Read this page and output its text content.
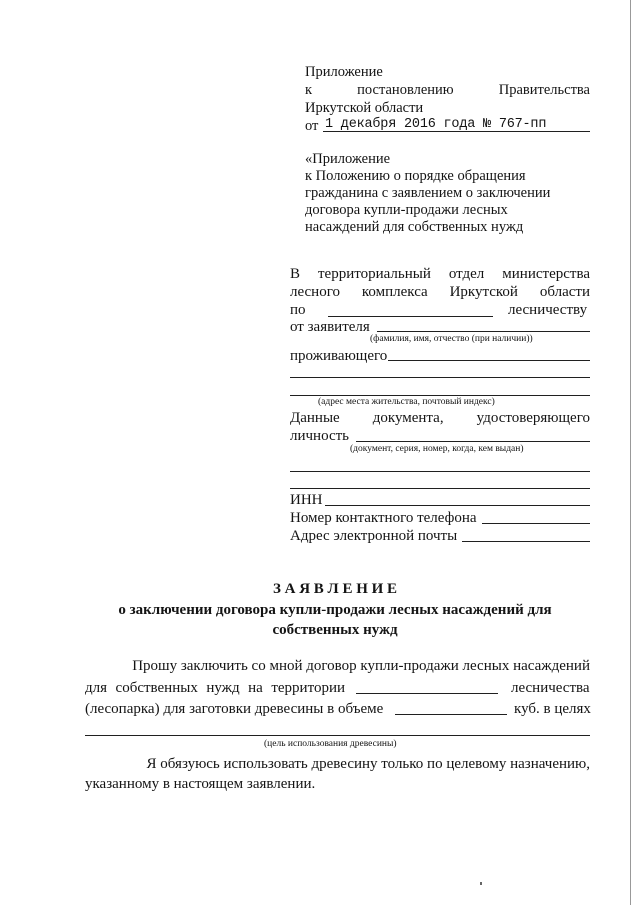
Приложение
к	постановлению	Правительства
Иркутской области
от 1 декабря 2016 года № 767-пп
«Приложение
к Положению о порядке обращения
гражданина с заявлением о заключении
договора купли-продажи лесных
насаждений для собственных нужд
В территориальный отдел министерства
лесного комплекса Иркутской области
по	лесничеству
от заявителя
(фамилия, имя, отчество (при наличии))
проживающего
(адрес места жительства, почтовый индекс)
Данные документа, удостоверяющего
личность
(документ, серия, номер, когда, кем выдан)
ИНН
Номер контактного телефона
Адрес электронной почты
З А Я В Л Е Н И Е
о заключении договора купли-продажи лесных насаждений для
собственных нужд
Прошу заключить со мной договор купли-продажи лесных насаждений
для собственных нужд на территории	лесничества
(лесопарка) для заготовки древесины в объеме	куб. в целях
(цель использования древесины)
Я обязуюсь использовать древесину только по целевому назначению,
указанному в настоящем заявлении.
